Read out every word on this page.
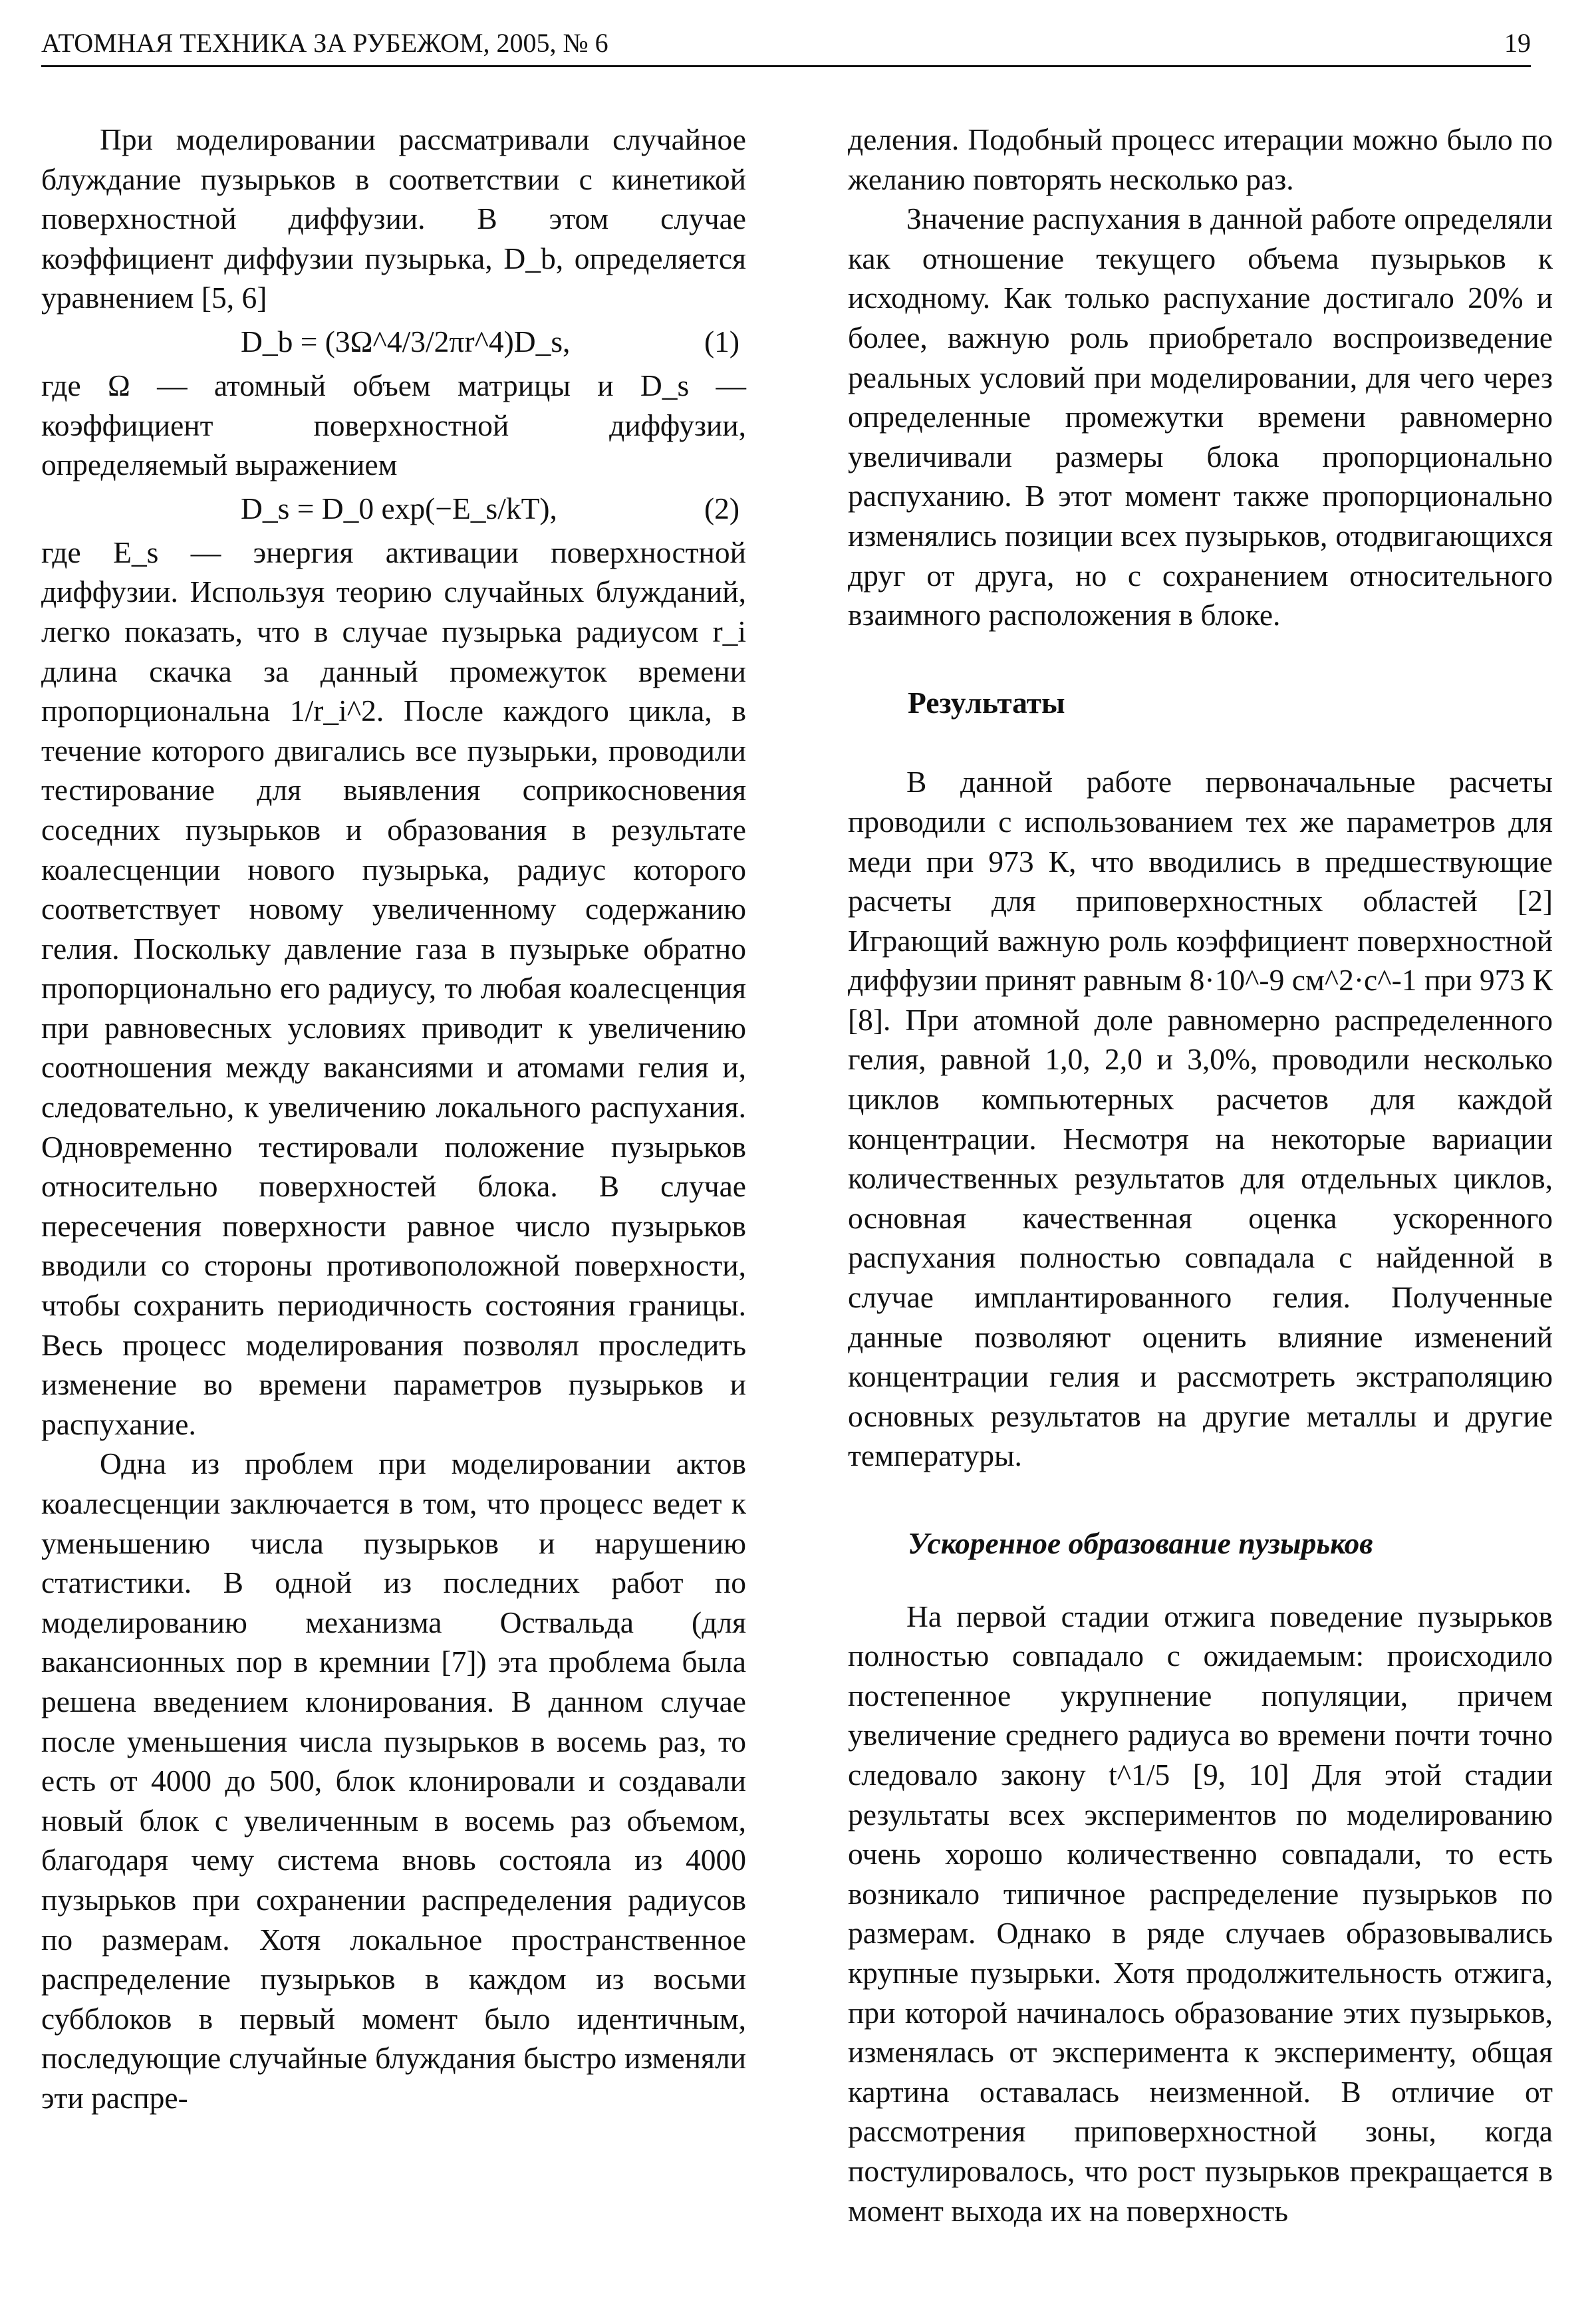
АТОМНАЯ ТЕХНИКА ЗА РУБЕЖОМ, 2005, № 6	19

При моделировании рассматривали случайное блуждание пузырьков в соответствии с кинетикой поверхностной диффузии. В этом случае коэффициент диффузии пузырька, D_b, определяется уравнением [5, 6]

D_b = (3Ω^4/3/2πr^4)D_s,	(1)

где Ω — атомный объем матрицы и D_s — коэффициент поверхностной диффузии, определяемый выражением

D_s = D_0 exp(−E_s/kT),	(2)

где E_s — энергия активации поверхностной диффузии. Используя теорию случайных блужданий, легко показать, что в случае пузырька радиусом r_i длина скачка за данный промежуток времени пропорциональна 1/r_i^2. После каждого цикла, в течение которого двигались все пузырьки, проводили тестирование для выявления соприкосновения соседних пузырьков и образования в результате коалесценции нового пузырька, радиус которого соответствует новому увеличенному содержанию гелия. Поскольку давление газа в пузырьке обратно пропорционально его радиусу, то любая коалесценция при равновесных условиях приводит к увеличению соотношения между вакансиями и атомами гелия и, следовательно, к увеличению локального распухания. Одновременно тестировали положение пузырьков относительно поверхностей блока. В случае пересечения поверхности равное число пузырьков вводили со стороны противоположной поверхности, чтобы сохранить периодичность состояния границы. Весь процесс моделирования позволял проследить изменение во времени параметров пузырьков и распухание.

Одна из проблем при моделировании актов коалесценции заключается в том, что процесс ведет к уменьшению числа пузырьков и нарушению статистики. В одной из последних работ по моделированию механизма Оствальда (для вакансионных пор в кремнии [7]) эта проблема была решена введением клонирования. В данном случае после уменьшения числа пузырьков в восемь раз, то есть от 4000 до 500, блок клонировали и создавали новый блок с увеличенным в восемь раз объемом, благодаря чему система вновь состояла из 4000 пузырьков при сохранении распределения радиусов по размерам. Хотя локальное пространственное распределение пузырьков в каждом из восьми субблоков в первый момент было идентичным, последующие случайные блуждания быстро изменяли эти распре-

деления. Подобный процесс итерации можно было по желанию повторять несколько раз.

Значение распухания в данной работе определяли как отношение текущего объема пузырьков к исходному. Как только распухание достигало 20% и более, важную роль приобретало воспроизведение реальных условий при моделировании, для чего через определенные промежутки времени равномерно увеличивали размеры блока пропорционально распуханию. В этот момент также пропорционально изменялись позиции всех пузырьков, отодвигающихся друг от друга, но с сохранением относительного взаимного расположения в блоке.

Результаты

В данной работе первоначальные расчеты проводили с использованием тех же параметров для меди при 973 К, что вводились в предшествующие расчеты для приповерхностных областей [2] Играющий важную роль коэффициент поверхностной диффузии принят равным 8·10^-9 см^2·с^-1 при 973 К [8]. При атомной доле равномерно распределенного гелия, равной 1,0, 2,0 и 3,0%, проводили несколько циклов компьютерных расчетов для каждой концентрации. Несмотря на некоторые вариации количественных результатов для отдельных циклов, основная качественная оценка ускоренного распухания полностью совпадала с найденной в случае имплантированного гелия. Полученные данные позволяют оценить влияние изменений концентрации гелия и рассмотреть экстраполяцию основных результатов на другие металлы и другие температуры.

Ускоренное образование пузырьков

На первой стадии отжига поведение пузырьков полностью совпадало с ожидаемым: происходило постепенное укрупнение популяции, причем увеличение среднего радиуса во времени почти точно следовало закону t^1/5 [9, 10] Для этой стадии результаты всех экспериментов по моделированию очень хорошо количественно совпадали, то есть возникало типичное распределение пузырьков по размерам. Однако в ряде случаев образовывались крупные пузырьки. Хотя продолжительность отжига, при которой начиналось образование этих пузырьков, изменялась от эксперимента к эксперименту, общая картина оставалась неизменной. В отличие от рассмотрения приповерхностной зоны, когда постулировалось, что рост пузырьков прекращается в момент выхода их на поверхность
